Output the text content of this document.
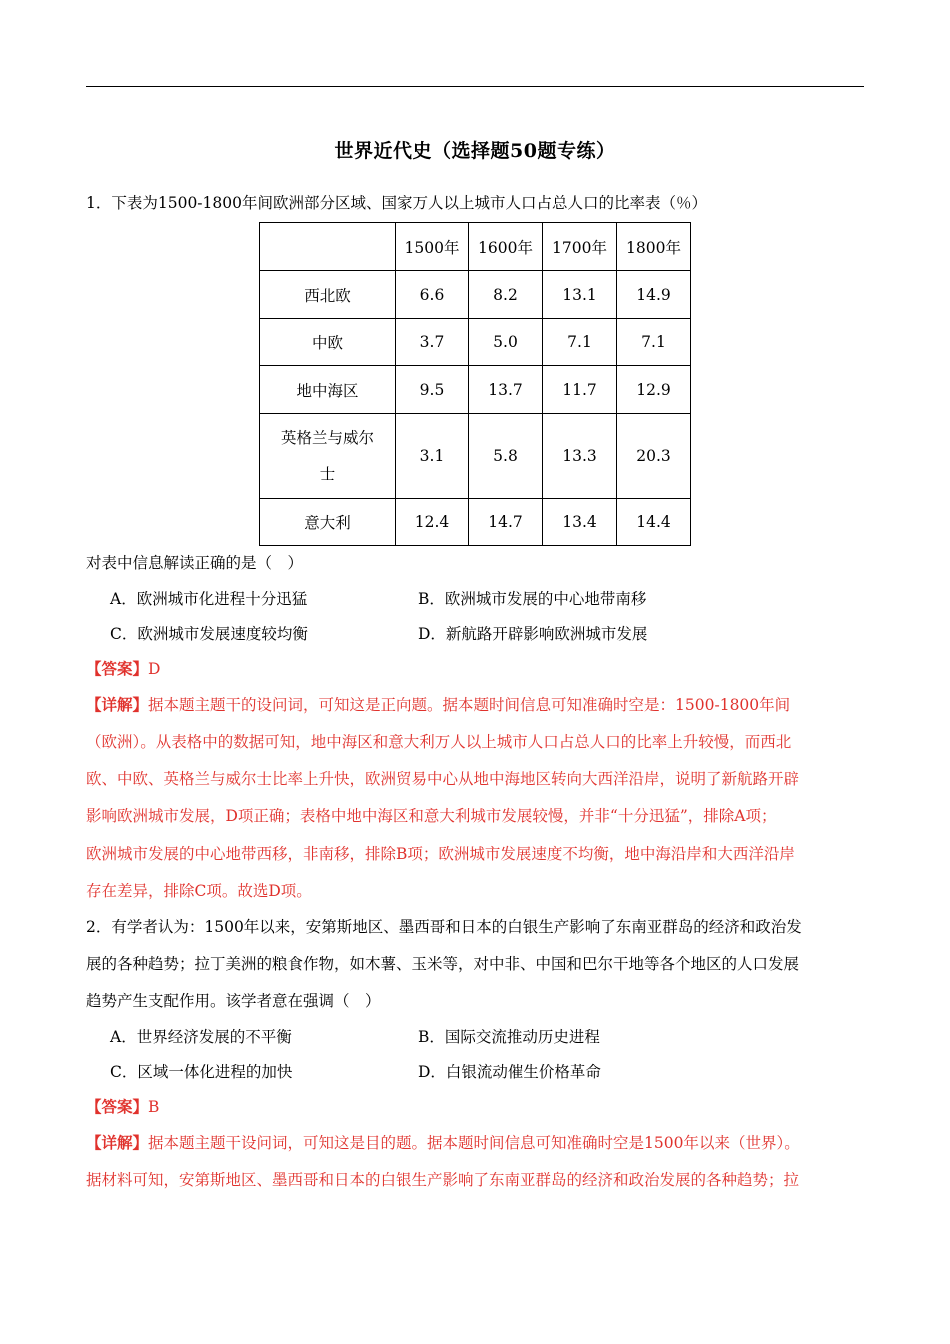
世界近代史（选择题50题专练）
1．下表为1500-1800年间欧洲部分区域、国家万人以上城市人口占总人口的比率表（％）
	1500年	1600年	1700年	1800年
西北欧	6.6	8.2	13.1	14.9
中欧	3.7	5.0	7.1	7.1
地中海区	9.5	13.7	11.7	12.9

英格兰与威尔士	3.1	5.8	13.3	20.3
意大利	12.4	14.7	13.4	14.4
对表中信息解读正确的是（　）
A．欧洲城市化进程十分迅猛	B．欧洲城市发展的中心地带南移
C．欧洲城市发展速度较均衡	D．新航路开辟影响欧洲城市发展
【答案】D
【详解】据本题主题干的设问词，可知这是正向题。据本题时间信息可知准确时空是：1500-1800年间
（欧洲）。从表格中的数据可知，地中海区和意大利万人以上城市人口占总人口的比率上升较慢，而西北
欧、中欧、英格兰与威尔士比率上升快，欧洲贸易中心从地中海地区转向大西洋沿岸，说明了新航路开辟
影响欧洲城市发展，D项正确；表格中地中海区和意大利城市发展较慢，并非“十分迅猛”，排除A项；
欧洲城市发展的中心地带西移，非南移，排除B项；欧洲城市发展速度不均衡，地中海沿岸和大西洋沿岸
存在差异，排除C项。故选D项。
2．有学者认为：1500年以来，安第斯地区、墨西哥和日本的白银生产影响了东南亚群岛的经济和政治发
展的各种趋势；拉丁美洲的粮食作物，如木薯、玉米等，对中非、中国和巴尔干地等各个地区的人口发展
趋势产生支配作用。该学者意在强调（　）
A．世界经济发展的不平衡	B．国际交流推动历史进程
C．区域一体化进程的加快	D．白银流动催生价格革命
【答案】B
【详解】据本题主题干设问词，可知这是目的题。据本题时间信息可知准确时空是1500年以来（世界）。
据材料可知，安第斯地区、墨西哥和日本的白银生产影响了东南亚群岛的经济和政治发展的各种趋势；拉
